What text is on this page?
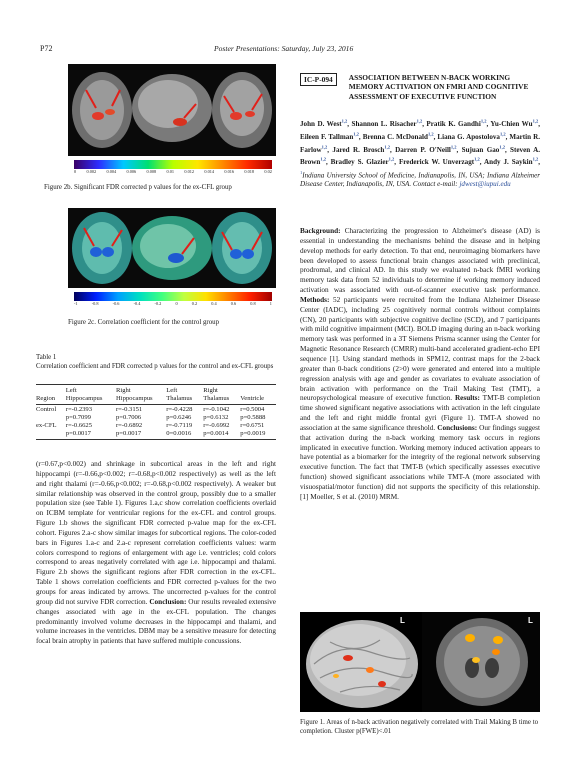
P72	Poster Presentations: Saturday, July 23, 2016
0 0.002 0.004 0.006 0.008 0.01 0.012 0.014 0.016 0.018 0.02
Figure 2b. Significant FDR corrected p values for the ex-CFL group
-1	-0.8	-0.6	-0.4	-0.2	0	0.2	0.4	0.6	0.8	1
Figure 2c. Correlation coefficient for the control group
Table 1
Correlation coefficient and FDR corrected p values for the control and ex-CFL groups
	Left	Right	Left	Right	
Region	Hippocampus	Hippocampus	Thalamus	Thalamus	Ventricle

Control	r=-0.2393	r=-0.3151	r=-0.4228	r=-0.1042	r=0.5004
	p=0.7099	p=0.7006	p=0.6246	p=0.6132	p=0.5888
ex-CFL	r=-0.6625	r=-0.6892	r=-0.7119	r=-0.6992	r=0.6751
	p=0.0017	p=0.0017	0=0.0016	p=0.0014	p=0.0019

(r=0.67,p<0.002) and shrinkage in subcortical areas in the left and right hippocampi (r=-0.66,p<0.002; r=-0.68,p<0.002 respectively) as well as the left and right thalami (r=-0.66,p<0.002; r=-0.68,p<0.002 respectively). A weaker but similar relationship was observed in the control group, possibly due to a smaller population size (see Table 1). Figures 1.a,c show correlation coefficients overlaid on ICBM template for ventricular regions for the ex-CFL and control groups. Figure 1.b shows the significant FDR corrected p-value map for the ex-CFL cohort. Figures 2.a-c show similar images for subcortical regions. The color-coded bars in Figures 1.a-c and 2.a-c represent correlation coefficients values: warm colors correspond to regions of enlargement with age i.e. ventricles; cold colors correspond to areas negatively correlated with age i.e. hippocampi and thalami. Figure 2.b shows the significant regions after FDR correction in the ex-CFL. Table 1 shows correlation coefficients and FDR corrected p-values for the two groups for areas indicated by arrows. The uncorrected p-values for the control group did not survive FDR correction. Conclusion: Our results revealed extensive changes associated with age in the ex-CFL population. The changes predominantly involved volume decreases in the hippocampi and thalami, and volume increases in the ventricles. DBM may be a sensitive measure for detecting focal brain atrophy in patients that have suffered multiple concussions.

IC-P-094	ASSOCIATION BETWEEN N-BACK WORKING MEMORY ACTIVATION ON FMRI AND COGNITIVE ASSESSMENT OF EXECUTIVE FUNCTION
John D. West$^{1,2}$, Shannon L. Risacher$^{1,2}$, Pratik K. Gandhi$^{1,2}$, Yu-Chien Wu$^{1,2}$, Eileen F. Tallman$^{1,2}$, Brenna C. McDonald$^{1,2}$, Liana G. Apostolova$^{1,2}$, Martin R. Farlow$^{1,2}$, Jared R. Brosch$^{1,2}$, Darren P. O'Neill$^{1,2}$, Sujuan Gao$^{1,2}$, Steven A. Brown$^{1,2}$, Bradley S. Glazier$^{1,2}$, Frederick W. Unverzagt$^{1,2}$, Andy J. Saykin$^{1,2}$, $^1$Indiana University School of Medicine, Indianapolis, IN, USA; Indiana Alzheimer Disease Center, Indianapolis, IN, USA. Contact e-mail: jdwest@iupui.edu

Background: Characterizing the progression to Alzheimer's disease (AD) is essential in understanding the mechanisms behind the disease and in helping develop methods for early detection. To that end, neuroimaging biomarkers have been developed to assess functional brain changes associated with preclinical, prodromal, and clinical AD. In this study we evaluated n-back fMRI working memory task data from 52 individuals to determine if working memory induced activation was associated with out-of-scanner executive task performance. Methods: 52 participants were recruited from the Indiana Alzheimer Disease Center (IADC), including 25 cognitively normal controls without complaints (CN), 20 participants with subjective cognitive decline (SCD), and 7 participants with mild cognitive impairment (MCI). BOLD imaging during an n-back working memory task was performed in a 3T Siemens Prisma scanner using the Center for Magnetic Resonance Research (CMRR) multi-band accelerated gradient-echo EPI sequence [1]. Using standard methods in SPM12, contrast maps for the 2-back greater than 0-back conditions (2>0) were generated and entered into a multiple regression analysis with age and gender as covariates to evaluate association of brain activation with performance on the Trail Making Test (TMT), a neuropsychological measure of executive function. Results: TMT-B completion time showed significant negative associations with activation in the left cingulate and the left and right middle frontal gyri (Figure 1). TMT-A showed no association at the same significance threshold. Conclusions: Our findings suggest that activation during the n-back working memory task occurs in regions implicated in executive function. Working memory induced activation appears to have potential as a biomarker for the integrity of the regional network subserving executive function. The fact that TMT-B (which specifically assesses executive function) showed significant associations while TMT-A (more associated with visuospatial/motor function) did not supports the specificity of this relationship. [1] Moeller, S et al. (2010) MRM.

L	L
Figure 1. Areas of n-back activation negatively correlated with Trail Making B time to completion. Cluster p(FWE)<.01
